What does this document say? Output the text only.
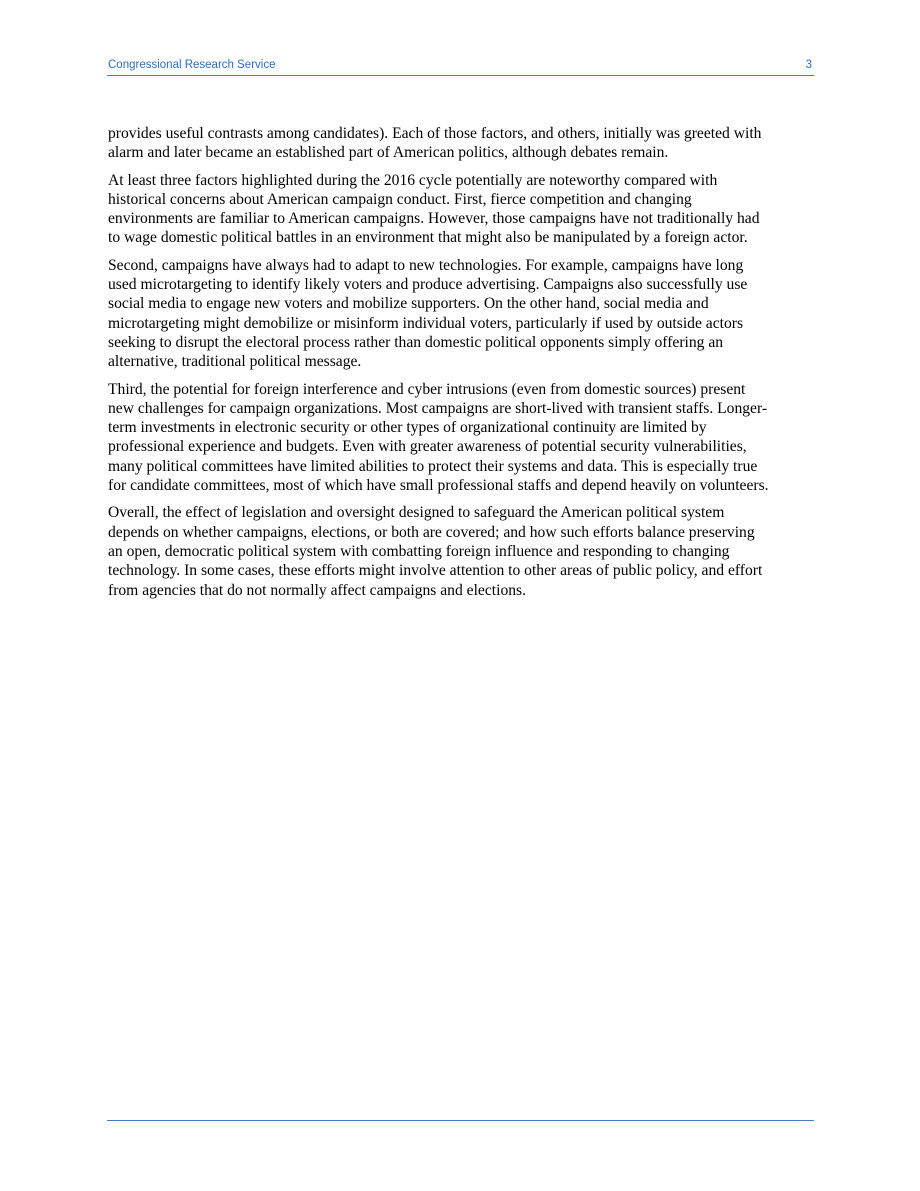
Congressional Research Service	3

provides useful contrasts among candidates). Each of those factors, and others, initially was greeted with
alarm and later became an established part of American politics, although debates remain.

At least three factors highlighted during the 2016 cycle potentially are noteworthy compared with
historical concerns about American campaign conduct. First, fierce competition and changing
environments are familiar to American campaigns. However, those campaigns have not traditionally had
to wage domestic political battles in an environment that might also be manipulated by a foreign actor.

Second, campaigns have always had to adapt to new technologies. For example, campaigns have long
used microtargeting to identify likely voters and produce advertising. Campaigns also successfully use
social media to engage new voters and mobilize supporters. On the other hand, social media and
microtargeting might demobilize or misinform individual voters, particularly if used by outside actors
seeking to disrupt the electoral process rather than domestic political opponents simply offering an
alternative, traditional political message.

Third, the potential for foreign interference and cyber intrusions (even from domestic sources) present
new challenges for campaign organizations. Most campaigns are short-lived with transient staffs. Longer-
term investments in electronic security or other types of organizational continuity are limited by
professional experience and budgets. Even with greater awareness of potential security vulnerabilities,
many political committees have limited abilities to protect their systems and data. This is especially true
for candidate committees, most of which have small professional staffs and depend heavily on volunteers.

Overall, the effect of legislation and oversight designed to safeguard the American political system
depends on whether campaigns, elections, or both are covered; and how such efforts balance preserving
an open, democratic political system with combatting foreign influence and responding to changing
technology. In some cases, these efforts might involve attention to other areas of public policy, and effort
from agencies that do not normally affect campaigns and elections.
